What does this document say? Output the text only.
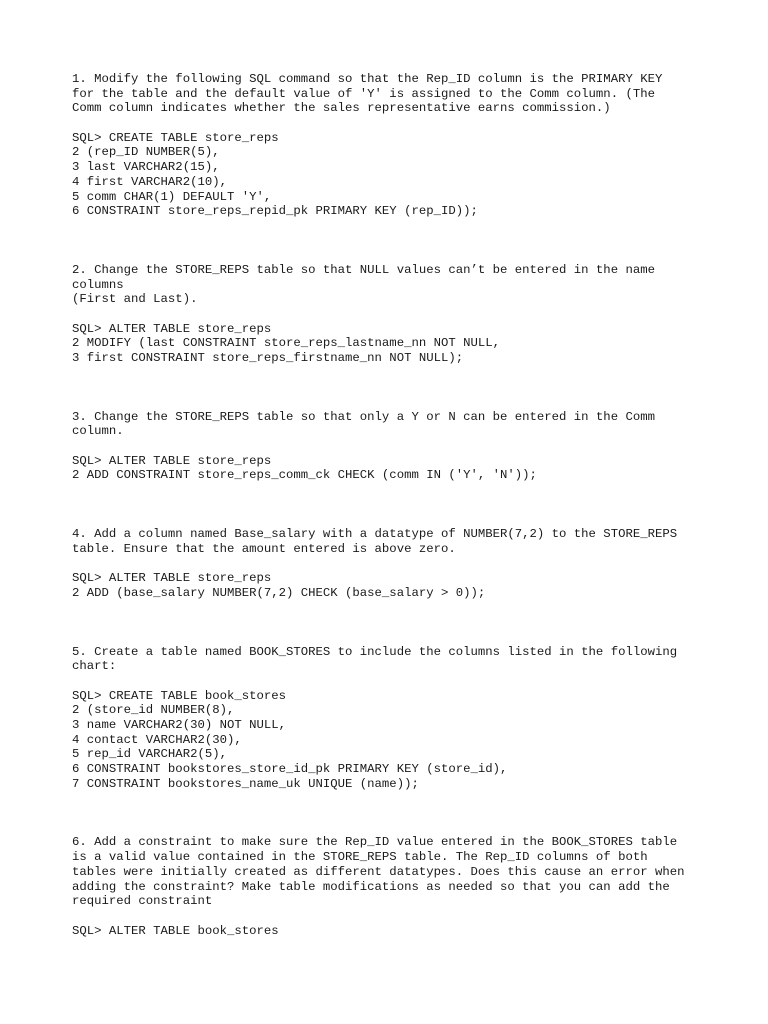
1. Modify the following SQL command so that the Rep_ID column is the PRIMARY KEY
for the table and the default value of 'Y' is assigned to the Comm column. (The
Comm column indicates whether the sales representative earns commission.)
SQL> CREATE TABLE store_reps
2 (rep_ID NUMBER(5),
3 last VARCHAR2(15),
4 first VARCHAR2(10),
5 comm CHAR(1) DEFAULT 'Y',
6 CONSTRAINT store_reps_repid_pk PRIMARY KEY (rep_ID));
2. Change the STORE_REPS table so that NULL values can’t be entered in the name
columns
(First and Last).
SQL> ALTER TABLE store_reps
2 MODIFY (last CONSTRAINT store_reps_lastname_nn NOT NULL,
3 first CONSTRAINT store_reps_firstname_nn NOT NULL);
3. Change the STORE_REPS table so that only a Y or N can be entered in the Comm
column.
SQL> ALTER TABLE store_reps
2 ADD CONSTRAINT store_reps_comm_ck CHECK (comm IN ('Y', 'N'));
4. Add a column named Base_salary with a datatype of NUMBER(7,2) to the STORE_REPS
table. Ensure that the amount entered is above zero.
SQL> ALTER TABLE store_reps
2 ADD (base_salary NUMBER(7,2) CHECK (base_salary > 0));
5. Create a table named BOOK_STORES to include the columns listed in the following
chart:
SQL> CREATE TABLE book_stores
2 (store_id NUMBER(8),
3 name VARCHAR2(30) NOT NULL,
4 contact VARCHAR2(30),
5 rep_id VARCHAR2(5),
6 CONSTRAINT bookstores_store_id_pk PRIMARY KEY (store_id),
7 CONSTRAINT bookstores_name_uk UNIQUE (name));
6. Add a constraint to make sure the Rep_ID value entered in the BOOK_STORES table
is a valid value contained in the STORE_REPS table. The Rep_ID columns of both
tables were initially created as different datatypes. Does this cause an error when
adding the constraint? Make table modifications as needed so that you can add the
required constraint
SQL> ALTER TABLE book_stores
